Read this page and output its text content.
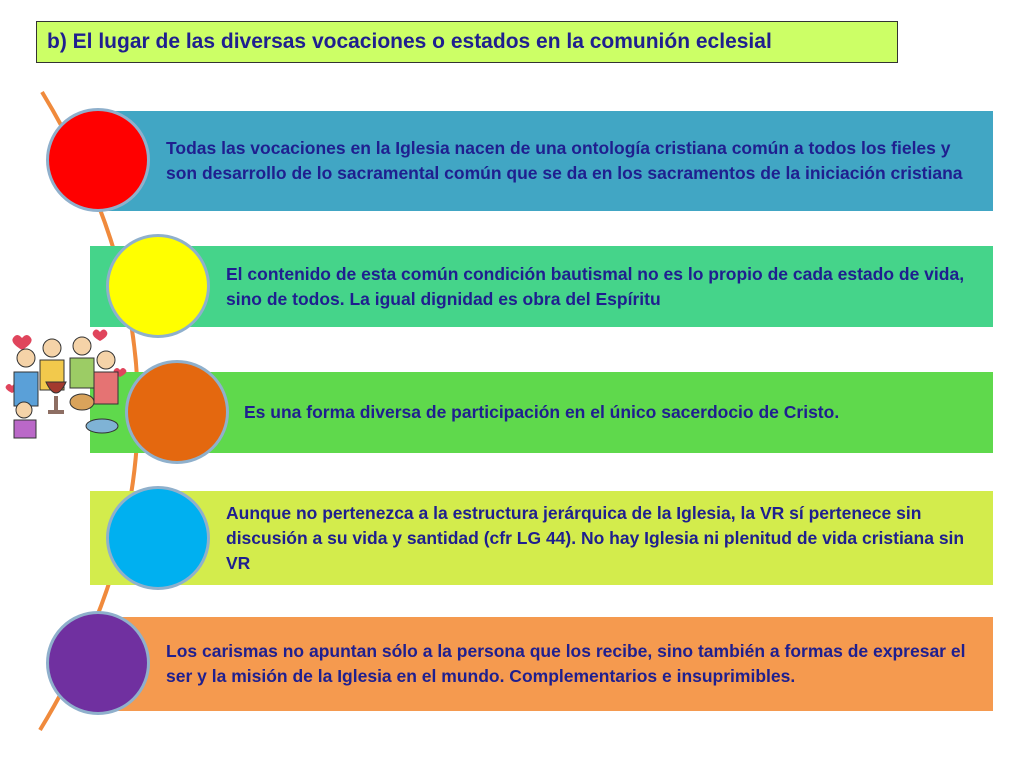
b) El lugar de las diversas vocaciones o estados en la comunión eclesial
Todas las vocaciones en la Iglesia nacen de una ontología cristiana común a todos los fieles y son desarrollo de lo sacramental común que se da en los sacramentos de la iniciación cristiana
El contenido de esta común condición bautismal no es lo propio de cada estado de vida, sino de todos. La igual dignidad es obra del Espíritu
Es una forma diversa de participación en el único sacerdocio de Cristo.
Aunque no pertenezca a la estructura jerárquica de la Iglesia, la VR sí pertenece sin discusión a su vida y santidad (cfr LG 44). No hay Iglesia ni plenitud de vida cristiana sin VR
Los carismas no apuntan sólo a la persona que los recibe, sino también a formas de expresar el ser y la misión de la Iglesia en el mundo. Complementarios e insuprimibles.
